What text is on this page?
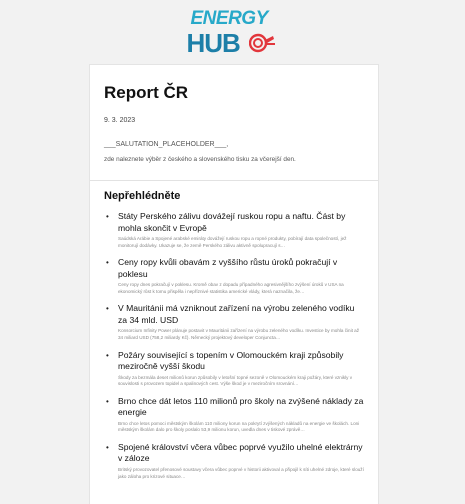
ENERGY
HUB
Report ČR
9. 3. 2023
___SALUTATION_PLACEHOLDER___,
zde naleznete výběr z českého a slovenského tisku za včerejší den.
Nepřehlédněte
• Státy Perského zálivu dovážejí ruskou ropu a naftu. Část by mohla skončit v Evropě
Saúdská Arábie a Spojené arabské emiráty dovážejí ruskou ropu a ropné produkty, pobírají data společností, jež monitorují dodávky. Ukazuje se, že země Perského zálivu aktivně spolupracují s…
• Ceny ropy kvůli obavám z vyššího růstu úroků pokračují v poklesu
Ceny ropy dnes pokračují v poklesu. Kromě obav z dopadu případného agresivnějšího zvýšení úroků v USA na ekonomický růst k tomu přispěla i nepříznivé statistika americké vlády, která naznačila, že…
• V Mauritánii má vzniknout zařízení na výrobu zeleného vodíku za 34 mld. USD
Konsorcium Infinity Power plánuje postavit v Mauritánii zařízení na výrobu zeleného vodíku. Investice by mohla činit až 34 miliard USD (758,2 miliardy Kč). Německý projektový developer Conjuncta…
• Požáry související s topením v Olomouckém kraji způsobily meziročně vyšší škodu
Škody za bezmála deset milionů korun způsobily v letošní topné sezoně v Olomouckém kraji požáry, které vznikly v souvislosti s provozem topidel a spalinových cest. Výše škod je v meziročním srovnání…
• Brno chce dát letos 110 milionů pro školy na zvýšené náklady za energie
Brno chce letos pomoci městským školám 110 miliony korun na pokrytí zvýšených nákladů na energie ve školách. Loni městským školám dalo pro školy poslalo 53,9 milionu korun, uvedla dnes v tiskové zprávě…
• Spojené království včera vůbec poprvé využilo uhelné elektrárny v záloze
Britský provozovatel přenosové soustavy včera vůbec poprvé v historii aktivoval a připojil k síti uhelné zdroje, které slouží jako záloha pro krizové situace…
